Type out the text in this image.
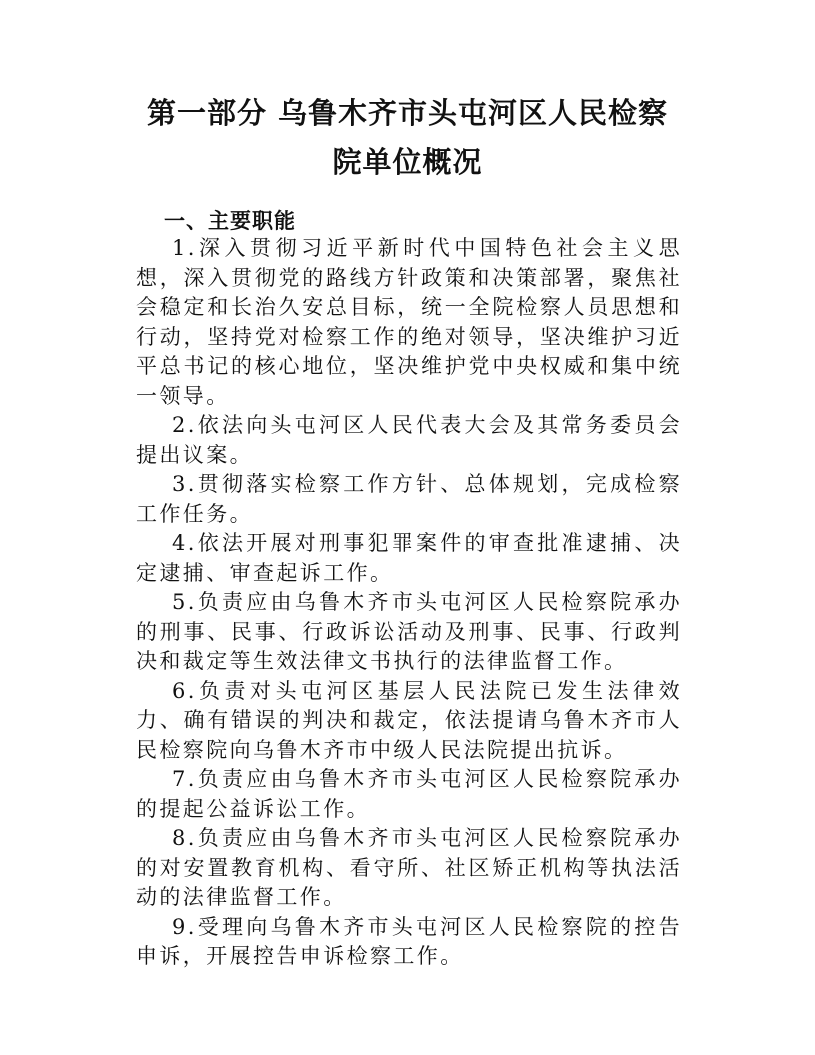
第一部分 乌鲁木齐市头屯河区人民检察
院单位概况
一、主要职能
1.深入贯彻习近平新时代中国特色社会主义思想，深入贯彻党的路线方针政策和决策部署，聚焦社会稳定和长治久安总目标，统一全院检察人员思想和行动，坚持党对检察工作的绝对领导，坚决维护习近平总书记的核心地位，坚决维护党中央权威和集中统一领导。
2.依法向头屯河区人民代表大会及其常务委员会提出议案。
3.贯彻落实检察工作方针、总体规划，完成检察工作任务。
4.依法开展对刑事犯罪案件的审查批准逮捕、决定逮捕、审查起诉工作。
5.负责应由乌鲁木齐市头屯河区人民检察院承办的刑事、民事、行政诉讼活动及刑事、民事、行政判决和裁定等生效法律文书执行的法律监督工作。
6.负责对头屯河区基层人民法院已发生法律效力、确有错误的判决和裁定，依法提请乌鲁木齐市人民检察院向乌鲁木齐市中级人民法院提出抗诉。
7.负责应由乌鲁木齐市头屯河区人民检察院承办的提起公益诉讼工作。
8.负责应由乌鲁木齐市头屯河区人民检察院承办的对安置教育机构、看守所、社区矫正机构等执法活动的法律监督工作。
9.受理向乌鲁木齐市头屯河区人民检察院的控告申诉，开展控告申诉检察工作。
